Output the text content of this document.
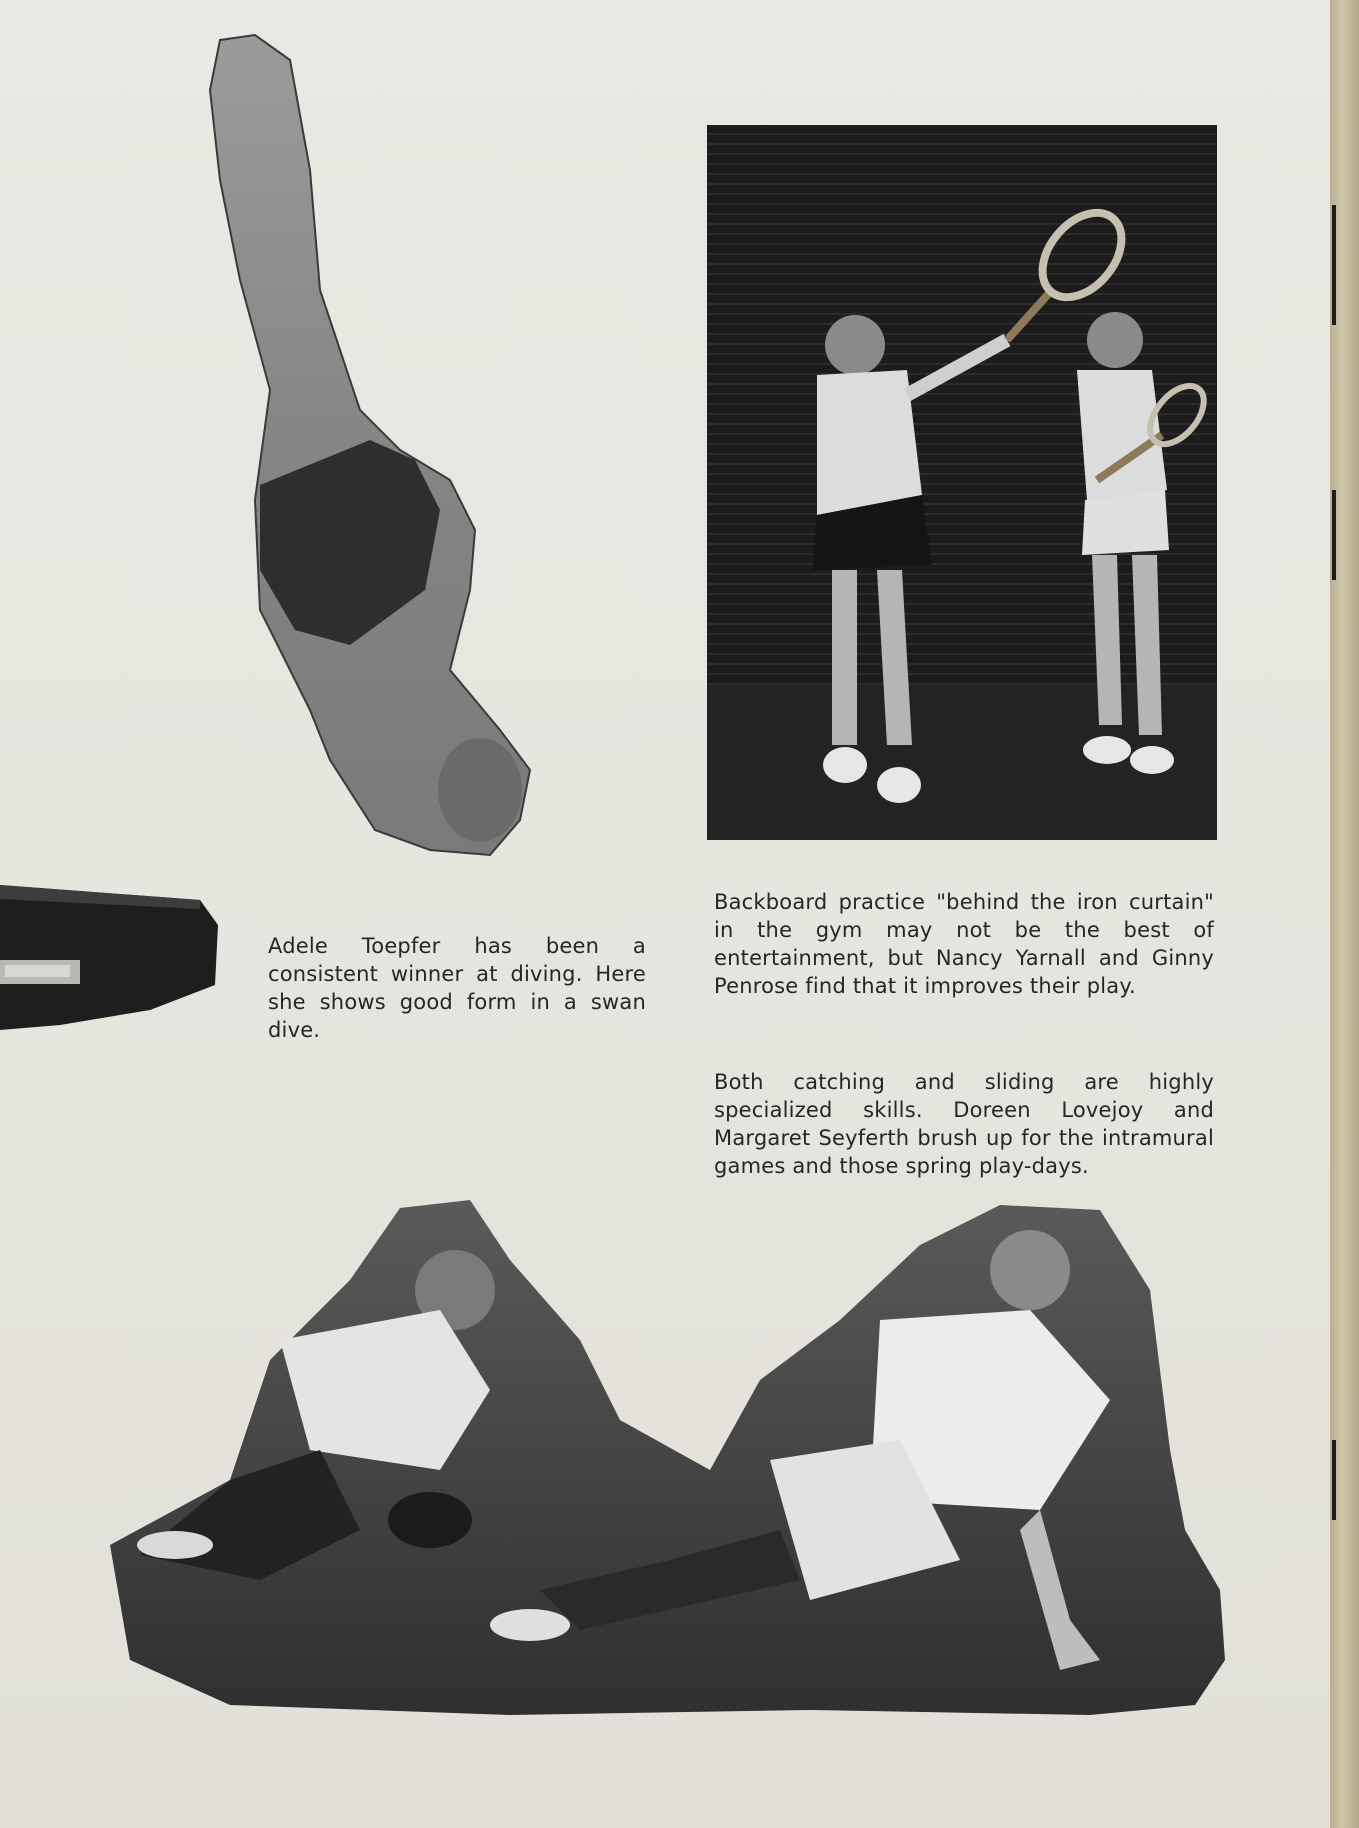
Adele Toepfer has been a consistent winner at diving. Here she shows good form in a swan dive.

Backboard practice "behind the iron curtain" in the gym may not be the best of entertainment, but Nancy Yarnall and Ginny Penrose find that it improves their play.

Both catching and sliding are highly specialized skills. Doreen Lovejoy and Margaret Seyferth brush up for the intramural games and those spring play-days.
